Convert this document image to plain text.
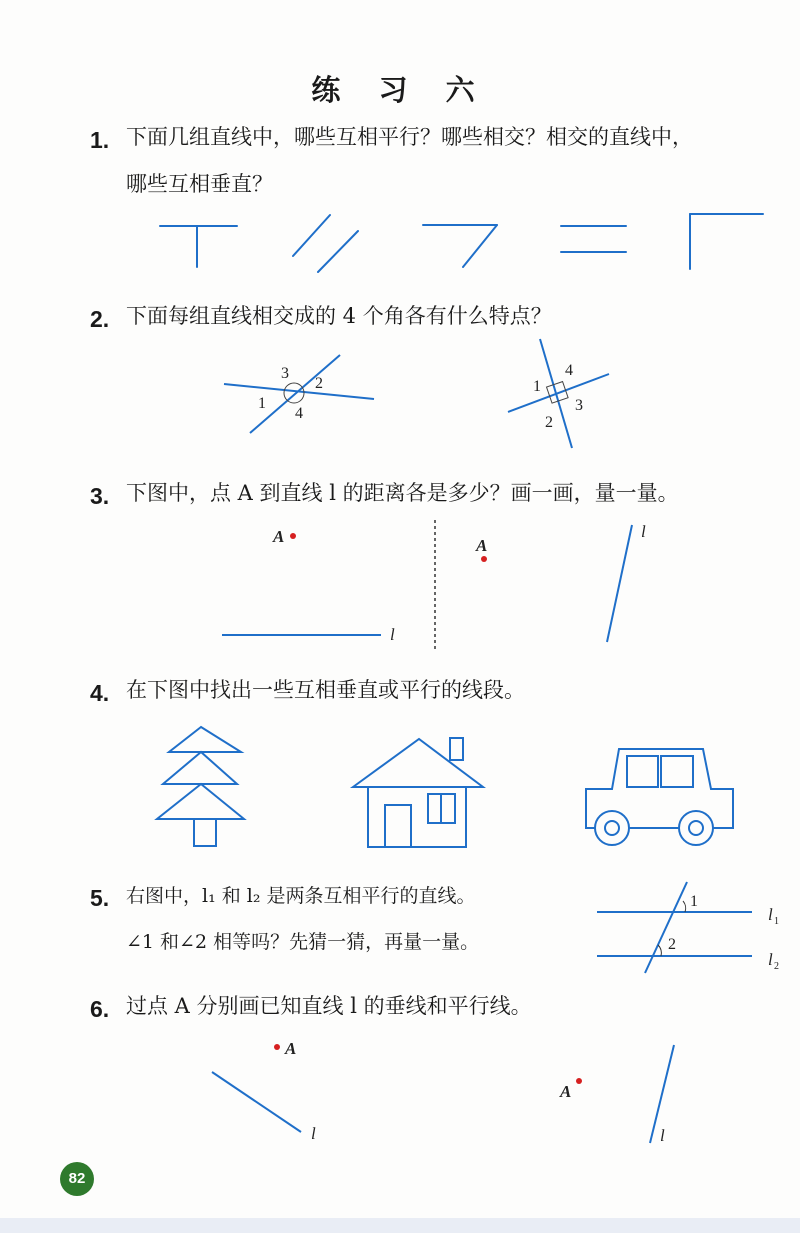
练 习 六
1. 下面几组直线中，哪些互相平行？哪些相交？相交的直线中，
哪些互相垂直？
2. 下面每组直线相交成的 4 个角各有什么特点？
3
2
1
4
4
1
3
2
3. 下图中，点 A 到直线 l 的距离各是多少？画一画，量一量。
A
l
A
l
4. 在下图中找出一些互相垂直或平行的线段。
5. 右图中，l₁ 和 l₂ 是两条互相平行的直线。
∠1 和∠2 相等吗？先猜一猜，再量一量。
1
2
l 1
l 2
6. 过点 A 分别画已知直线 l 的垂线和平行线。
A
l
A
l
82
